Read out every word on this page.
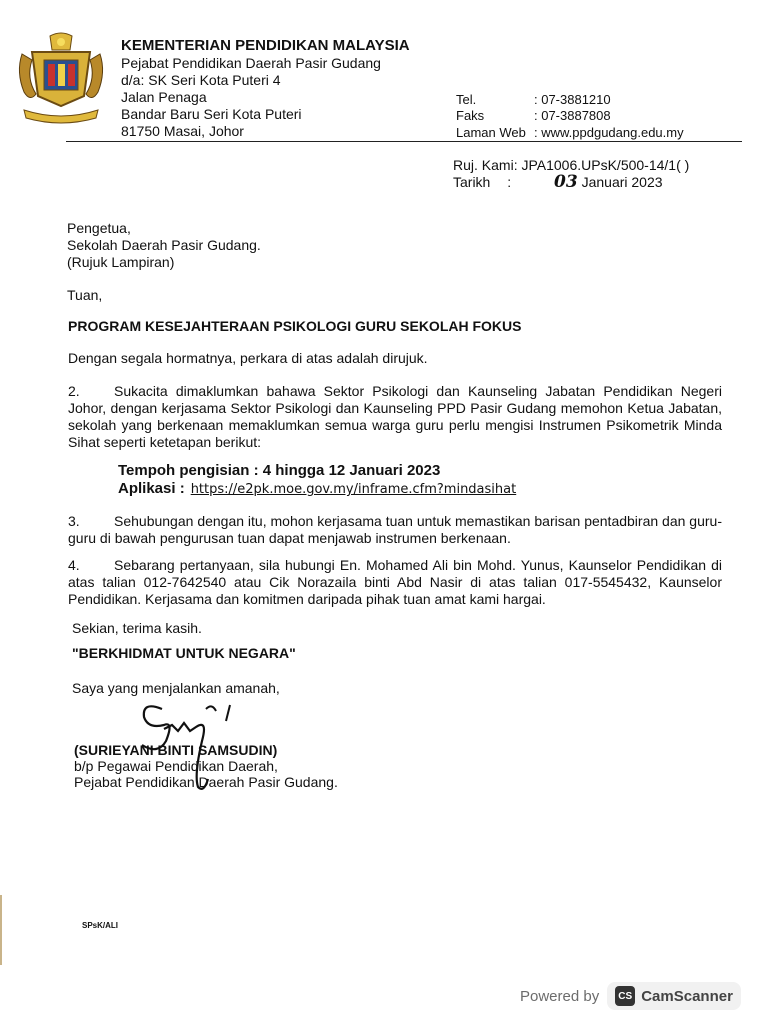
KEMENTERIAN PENDIDIKAN MALAYSIA
Pejabat Pendidikan Daerah Pasir Gudang
d/a: SK Seri Kota Puteri 4
Jalan Penaga
Bandar Baru Seri Kota Puteri
81750 Masai, Johor
Tel.	: 07-3881210
Faks	: 07-3887808
Laman Web : www.ppdgudang.edu.my
Ruj. Kami: JPA1006.UPsK/500-14/1( )
Tarikh :	03 Januari 2023
Pengetua,
Sekolah Daerah Pasir Gudang.
(Rujuk Lampiran)
Tuan,
PROGRAM KESEJAHTERAAN PSIKOLOGI GURU SEKOLAH FOKUS
Dengan segala hormatnya, perkara di atas adalah dirujuk.
2. Sukacita dimaklumkan bahawa Sektor Psikologi dan Kaunseling Jabatan Pendidikan Negeri Johor, dengan kerjasama Sektor Psikologi dan Kaunseling PPD Pasir Gudang memohon Ketua Jabatan, sekolah yang berkenaan memaklumkan semua warga guru perlu mengisi Instrumen Psikometrik Minda Sihat seperti ketetapan berikut:
Tempoh pengisian : 4 hingga 12 Januari 2023
Aplikasi : https://e2pk.moe.gov.my/inframe.cfm?mindasihat
3. Sehubungan dengan itu, mohon kerjasama tuan untuk memastikan barisan pentadbiran dan guru-guru di bawah pengurusan tuan dapat menjawab instrumen berkenaan.
4. Sebarang pertanyaan, sila hubungi En. Mohamed Ali bin Mohd. Yunus, Kaunselor Pendidikan di atas talian 012-7642540 atau Cik Norazaila binti Abd Nasir di atas talian 017-5545432, Kaunselor Pendidikan. Kerjasama dan komitmen daripada pihak tuan amat kami hargai.
Sekian, terima kasih.
"BERKHIDMAT UNTUK NEGARA"
Saya yang menjalankan amanah,
(SURIEYANI BINTI SAMSUDIN)
b/p Pegawai Pendidikan Daerah,
Pejabat Pendidikan Daerah Pasir Gudang.
SPsK/ALI
Powered by	CS CamScanner
